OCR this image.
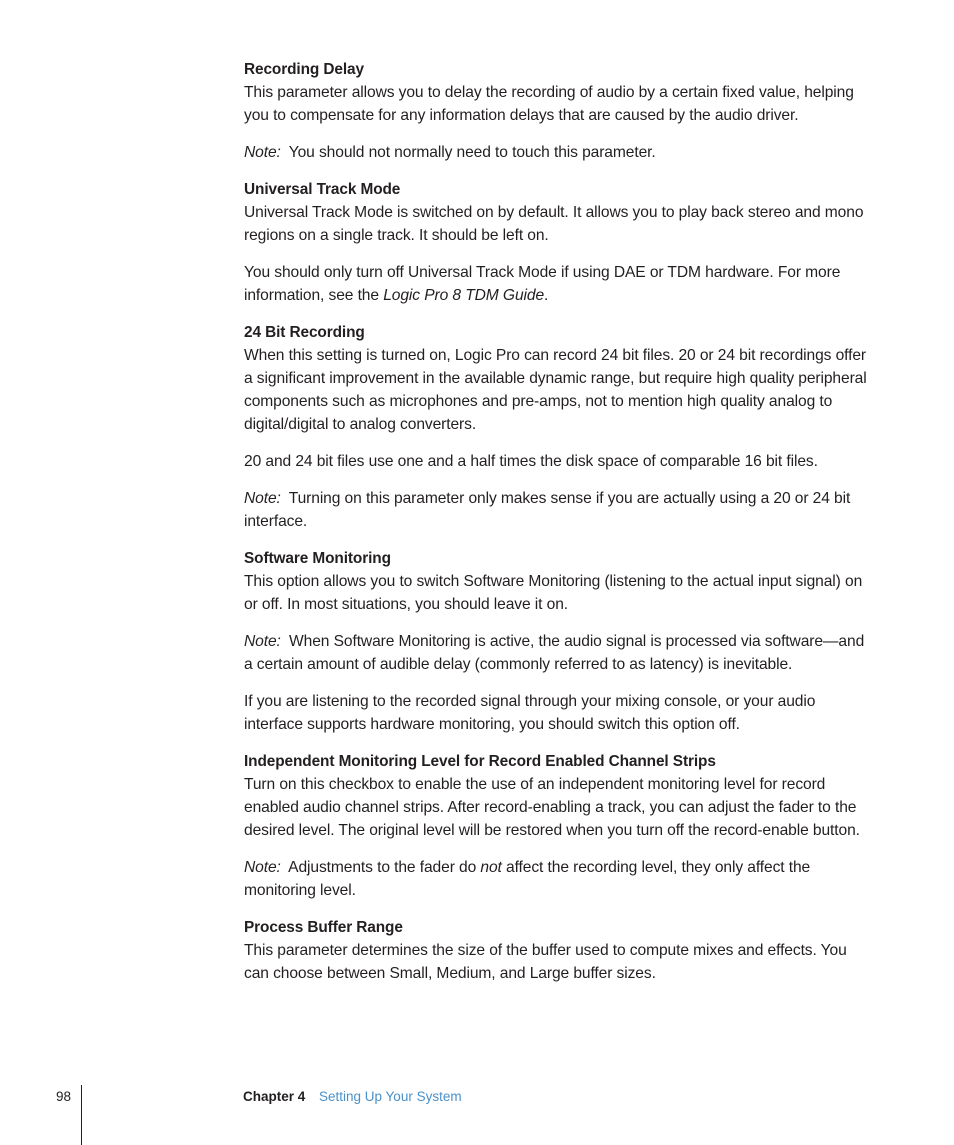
Recording Delay

This parameter allows you to delay the recording of audio by a certain fixed value, helping you to compensate for any information delays that are caused by the audio driver.

Note: You should not normally need to touch this parameter.

Universal Track Mode

Universal Track Mode is switched on by default. It allows you to play back stereo and mono regions on a single track. It should be left on.

You should only turn off Universal Track Mode if using DAE or TDM hardware. For more information, see the Logic Pro 8 TDM Guide.

24 Bit Recording

When this setting is turned on, Logic Pro can record 24 bit files. 20 or 24 bit recordings offer a significant improvement in the available dynamic range, but require high quality peripheral components such as microphones and pre-amps, not to mention high quality analog to digital/digital to analog converters.

20 and 24 bit files use one and a half times the disk space of comparable 16 bit files.

Note: Turning on this parameter only makes sense if you are actually using a 20 or 24 bit interface.

Software Monitoring

This option allows you to switch Software Monitoring (listening to the actual input signal) on or off. In most situations, you should leave it on.

Note: When Software Monitoring is active, the audio signal is processed via software—and a certain amount of audible delay (commonly referred to as latency) is inevitable.

If you are listening to the recorded signal through your mixing console, or your audio interface supports hardware monitoring, you should switch this option off.

Independent Monitoring Level for Record Enabled Channel Strips

Turn on this checkbox to enable the use of an independent monitoring level for record enabled audio channel strips. After record-enabling a track, you can adjust the fader to the desired level. The original level will be restored when you turn off the record-enable button.

Note: Adjustments to the fader do not affect the recording level, they only affect the monitoring level.

Process Buffer Range

This parameter determines the size of the buffer used to compute mixes and effects. You can choose between Small, Medium, and Large buffer sizes.

98	Chapter 4 Setting Up Your System
